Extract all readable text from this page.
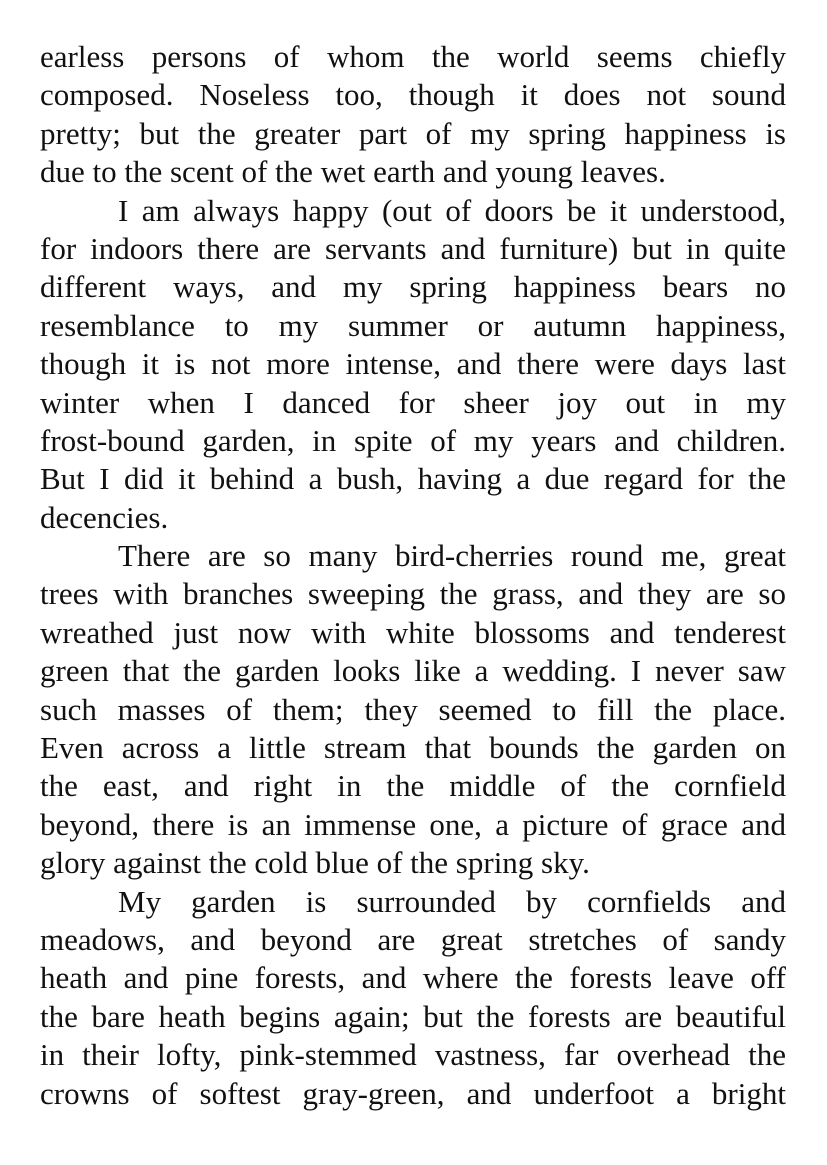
earless persons of whom the world seems chiefly
composed. Noseless too, though it does not sound
pretty; but the greater part of my spring happiness is
due to the scent of the wet earth and young leaves.
I am always happy (out of doors be it understood,
for indoors there are servants and furniture) but in quite
different ways, and my spring happiness bears no
resemblance to my summer or autumn happiness,
though it is not more intense, and there were days last
winter when I danced for sheer joy out in my
frost-bound garden, in spite of my years and children.
But I did it behind a bush, having a due regard for the
decencies.
There are so many bird-cherries round me, great
trees with branches sweeping the grass, and they are so
wreathed just now with white blossoms and tenderest
green that the garden looks like a wedding. I never saw
such masses of them; they seemed to fill the place.
Even across a little stream that bounds the garden on
the east, and right in the middle of the cornfield
beyond, there is an immense one, a picture of grace and
glory against the cold blue of the spring sky.
My garden is surrounded by cornfields and
meadows, and beyond are great stretches of sandy
heath and pine forests, and where the forests leave off
the bare heath begins again; but the forests are beautiful
in their lofty, pink-stemmed vastness, far overhead the
crowns of softest gray-green, and underfoot a bright
